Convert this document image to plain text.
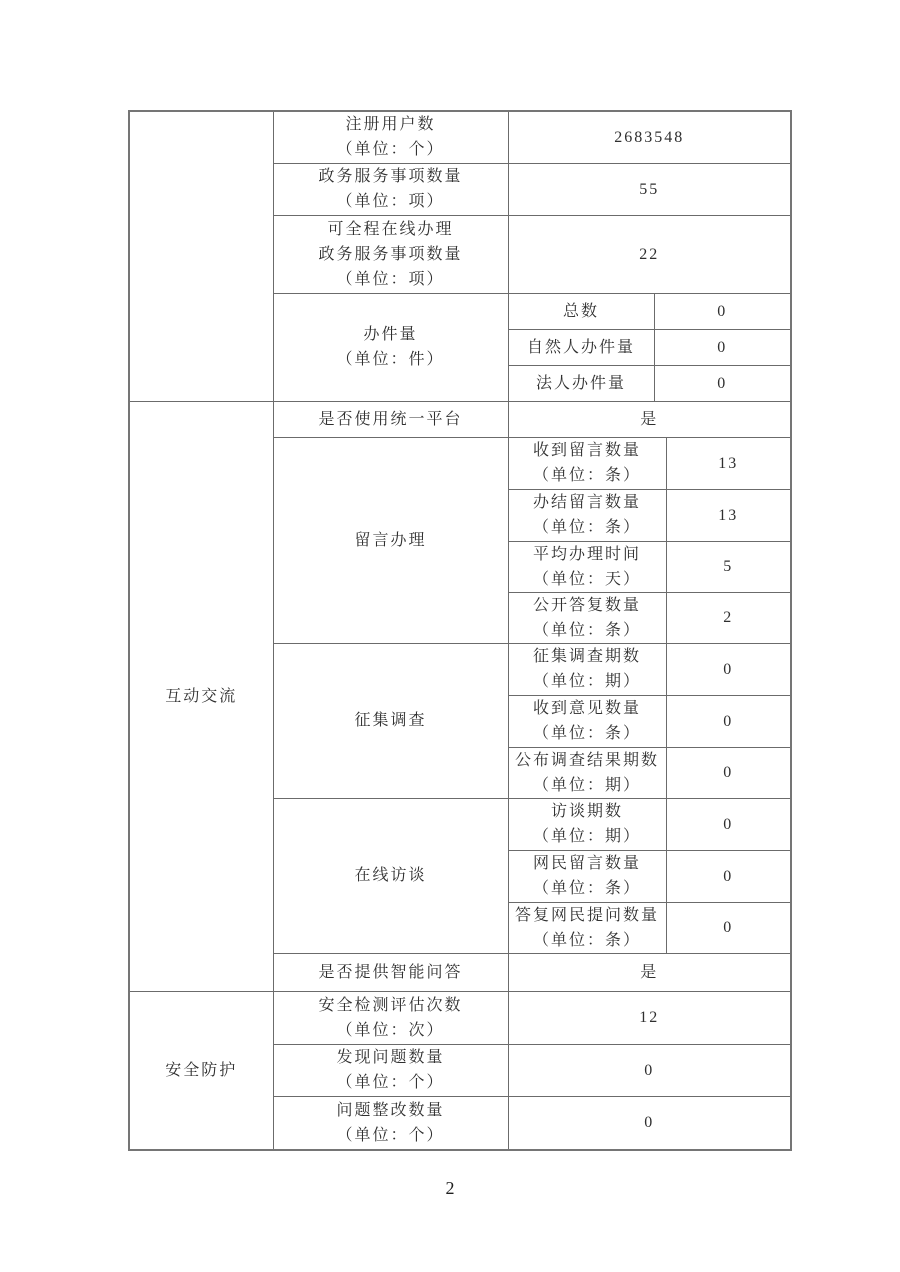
	注册用户数
（单位：个）	2683548		

	政务服务事项数量
（单位：项）	55		

	可全程在线办理
政务服务事项数量
（单位：项）	22		

	办件量
（单位：件）	总数	0	
		自然人办件量	0	
		法人办件量	0	
互动交流	是否使用统一平台	是		
	留言办理	收到留言数量
（单位：条）		13

		办结留言数量
（单位：条）		13

		平均办理时间
（单位：天）		5

		公开答复数量
（单位：条）		2
	征集调查	征集调查期数
（单位：期）		0

		收到意见数量
（单位：条）		0

		公布调查结果期数
（单位：期）		0
	在线访谈	访谈期数
（单位：期）		0

		网民留言数量
（单位：条）		0

		答复网民提问数量
（单位：条）		0
	是否提供智能问答	是		
安全防护	安全检测评估次数
（单位：次）	12		

	发现问题数量
（单位：个）	0		

	问题整改数量
（单位：个）	0		
2
